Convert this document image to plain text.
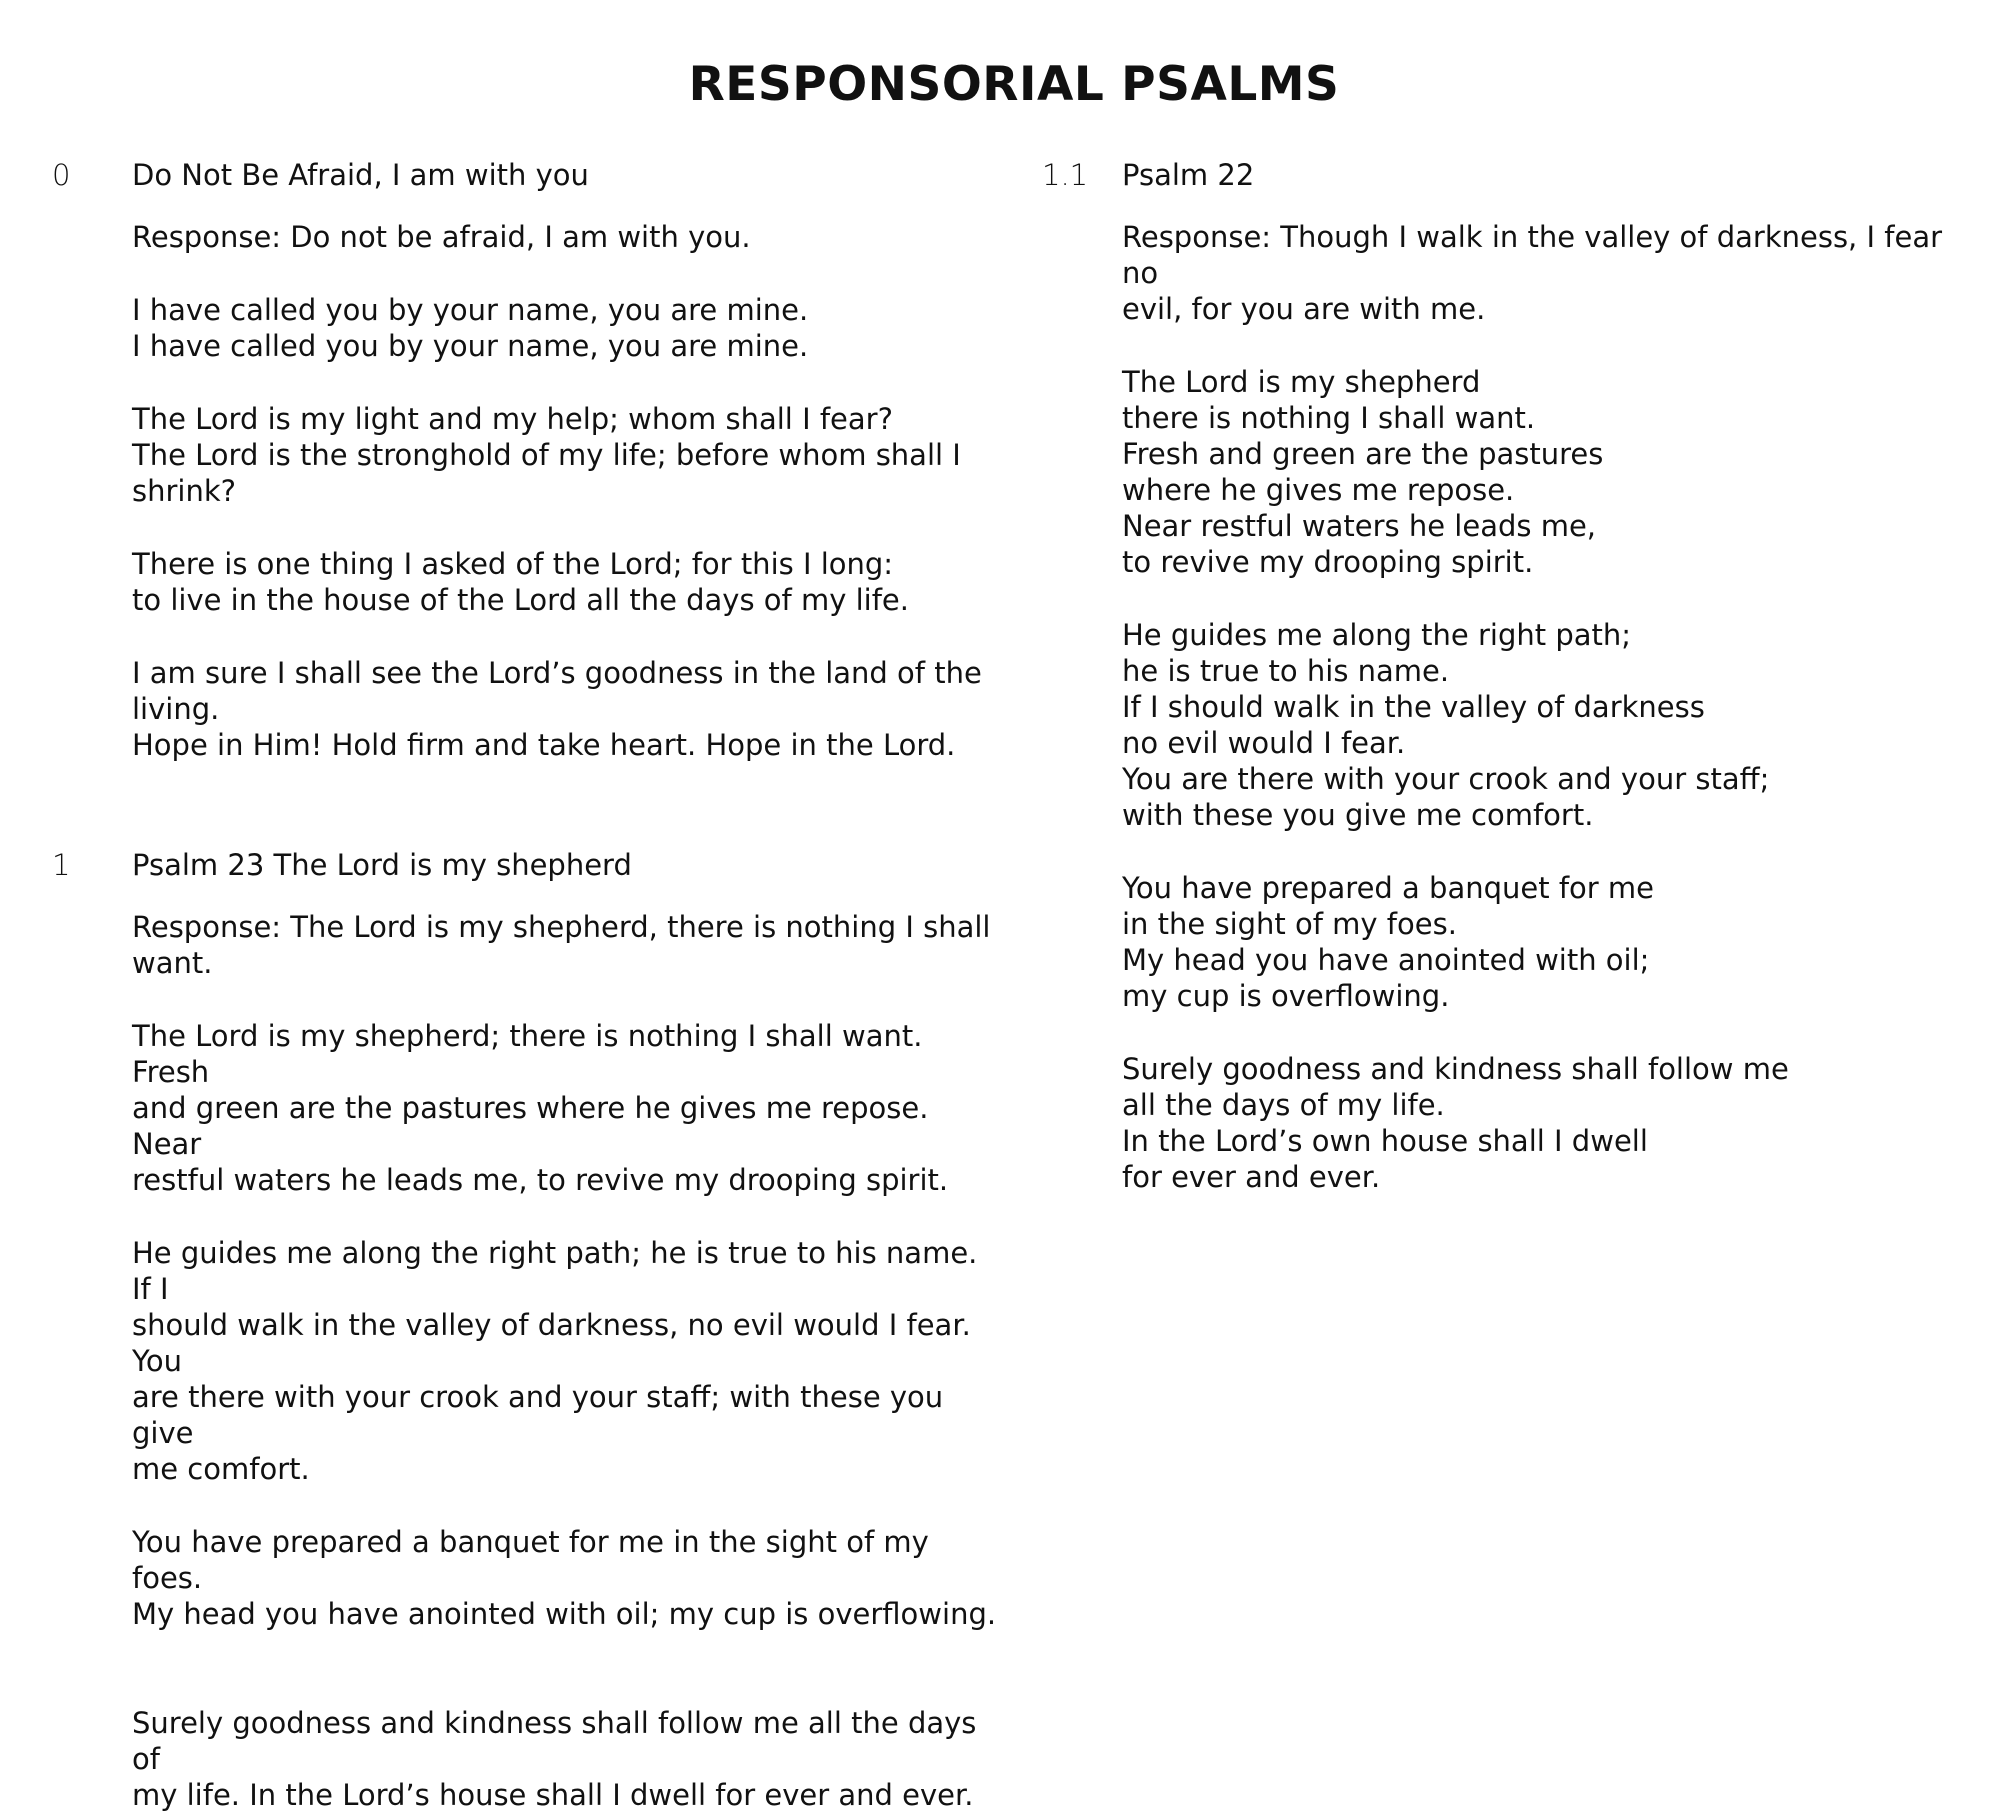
RESPONSORIAL PSALMS
0 Do Not Be Afraid, I am with you

Response: Do not be afraid, I am with you.

I have called you by your name, you are mine.
I have called you by your name, you are mine.

The Lord is my light and my help; whom shall I fear?
The Lord is the stronghold of my life; before whom shall I shrink?

There is one thing I asked of the Lord; for this I long:
to live in the house of the Lord all the days of my life.

I am sure I shall see the Lord’s goodness in the land of the living.
Hope in Him! Hold firm and take heart. Hope in the Lord.

1 Psalm 23 The Lord is my shepherd

Response: The Lord is my shepherd, there is nothing I shall want.

The Lord is my shepherd; there is nothing I shall want. Fresh
and green are the pastures where he gives me repose. Near
restful waters he leads me, to revive my drooping spirit.

He guides me along the right path; he is true to his name. If I
should walk in the valley of darkness, no evil would I fear. You
are there with your crook and your staff; with these you give
me comfort.

You have prepared a banquet for me in the sight of my foes.
My head you have anointed with oil; my cup is overflowing.

Surely goodness and kindness shall follow me all the days of
my life. In the Lord’s house shall I dwell for ever and ever.

1.1 Psalm 22

Response: Though I walk in the valley of darkness, I fear no
evil, for you are with me.

The Lord is my shepherd
there is nothing I shall want.
Fresh and green are the pastures
where he gives me repose.
Near restful waters he leads me,
to revive my drooping spirit.

He guides me along the right path;
he is true to his name.
If I should walk in the valley of darkness
no evil would I fear.
You are there with your crook and your staff;
with these you give me comfort.

You have prepared a banquet for me
in the sight of my foes.
My head you have anointed with oil;
my cup is overflowing.

Surely goodness and kindness shall follow me
all the days of my life.
In the Lord’s own house shall I dwell
for ever and ever.
